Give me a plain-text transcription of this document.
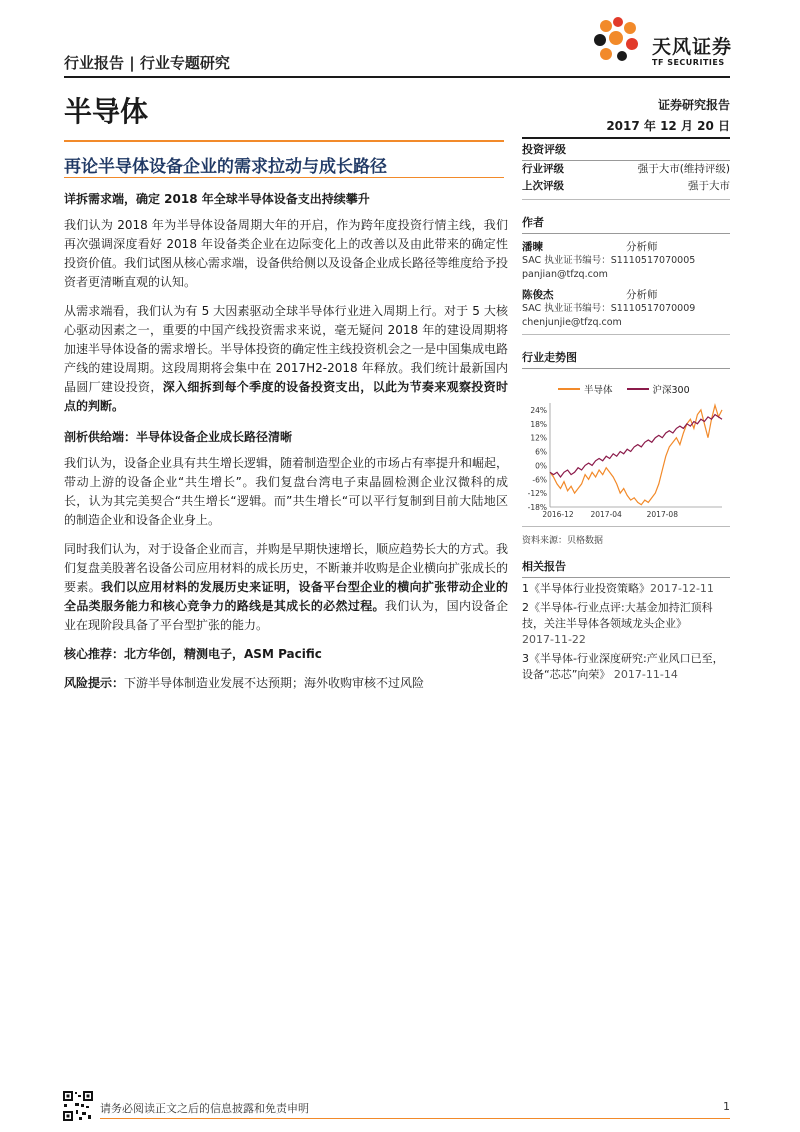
行业报告 | 行业专题研究
天风证券
TF SECURITIES
半导体	证券研究报告
2017 年 12 月 20 日
再论半导体设备企业的需求拉动与成长路径
详拆需求端，确定 2018 年全球半导体设备支出持续攀升

我们认为 2018 年为半导体设备周期大年的开启，作为跨年度投资行情主线，我们再次强调深度看好 2018 年设备类企业在边际变化上的改善以及由此带来的确定性投资价值。我们试图从核心需求端，设备供给侧以及设备企业成长路径等维度给予投资者更清晰直观的认知。

从需求端看，我们认为有 5 大因素驱动全球半导体行业进入周期上行。对于 5 大核心驱动因素之一，重要的中国产线投资需求来说，毫无疑问 2018 年的建设周期将加速半导体设备的需求增长。半导体投资的确定性主线投资机会之一是中国集成电路产线的建设周期。这段周期将会集中在 2017H2-2018 年释放。我们统计最新国内晶圆厂建设投资，深入细拆到每个季度的设备投资支出，以此为节奏来观察投资时点的判断。

剖析供给端：半导体设备企业成长路径清晰

我们认为，设备企业具有共生增长逻辑，随着制造型企业的市场占有率提升和崛起，带动上游的设备企业“共生增长”。我们复盘台湾电子束晶圆检测企业汉微科的成长，认为其完美契合“共生增长“逻辑。而”共生增长“可以平行复制到目前大陆地区的制造企业和设备企业身上。

同时我们认为，对于设备企业而言，并购是早期快速增长，顺应趋势长大的方式。我们复盘美股著名设备公司应用材料的成长历史，不断兼并收购是企业横向扩张成长的要素。我们以应用材料的发展历史来证明，设备平台型企业的横向扩张带动企业的全品类服务能力和核心竞争力的路线是其成长的必然过程。我们认为，国内设备企业在现阶段具备了平台型扩张的能力。

核心推荐：北方华创，精测电子，ASM Pacific
风险提示：下游半导体制造业发展不达预期；海外收购审核不过风险
投资评级
行业评级	强于大市(维持评级)
上次评级	强于大市
作者
潘暕	分析师
SAC 执业证书编号：S1110517070005
panjian@tfzq.com
陈俊杰	分析师
SAC 执业证书编号：S1110517070009
chenjunjie@tfzq.com
行业走势图
半导体	沪深300
24%
18%
12%
6%
0%
-6%
-12%
-18%
2016-12 2017-04	2017-08
资料来源：贝格数据
相关报告
1《半导体行业投资策略》2017-12-11
2《半导体-行业点评:大基金加持汇顶科技，关注半导体各领域龙头企业》
2017-11-22
3《半导体-行业深度研究:产业风口已至，设备“芯芯”向荣》 2017-11-14
请务必阅读正文之后的信息披露和免责申明	1
